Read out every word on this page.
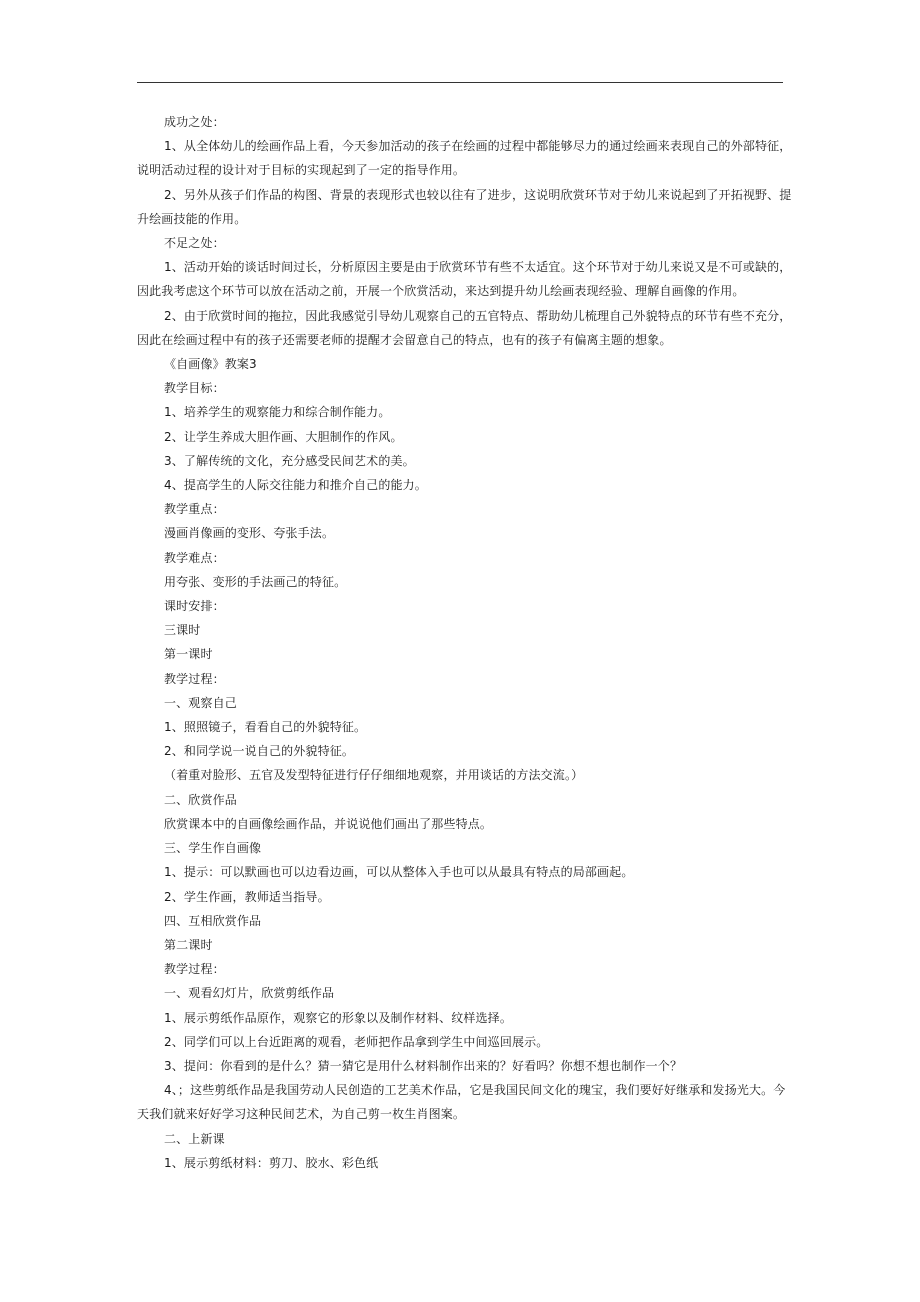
成功之处：

1、从全体幼儿的绘画作品上看，今天参加活动的孩子在绘画的过程中都能够尽力的通过绘画来表现自己的外部特征，说明活动过程的设计对于目标的实现起到了一定的指导作用。

2、另外从孩子们作品的构图、背景的表现形式也较以往有了进步，这说明欣赏环节对于幼儿来说起到了开拓视野、提升绘画技能的作用。

不足之处：

1、活动开始的谈话时间过长，分析原因主要是由于欣赏环节有些不太适宜。这个环节对于幼儿来说又是不可或缺的，因此我考虑这个环节可以放在活动之前，开展一个欣赏活动，来达到提升幼儿绘画表现经验、理解自画像的作用。

2、由于欣赏时间的拖拉，因此我感觉引导幼儿观察自己的五官特点、帮助幼儿梳理自己外貌特点的环节有些不充分，因此在绘画过程中有的孩子还需要老师的提醒才会留意自己的特点，也有的孩子有偏离主题的想象。

《自画像》教案3

教学目标：

1、培养学生的观察能力和综合制作能力。

2、让学生养成大胆作画、大胆制作的作风。

3、了解传统的文化，充分感受民间艺术的美。

4、提高学生的人际交往能力和推介自己的能力。

教学重点：

漫画肖像画的变形、夸张手法。

教学难点：

用夸张、变形的手法画己的特征。

课时安排：

三课时

第一课时

教学过程：

一、观察自己

1、照照镜子，看看自己的外貌特征。

2、和同学说一说自己的外貌特征。

（着重对脸形、五官及发型特征进行仔仔细细地观察，并用谈话的方法交流。）

二、欣赏作品

欣赏课本中的自画像绘画作品，并说说他们画出了那些特点。

三、学生作自画像

1、提示：可以默画也可以边看边画，可以从整体入手也可以从最具有特点的局部画起。

2、学生作画，教师适当指导。

四、互相欣赏作品

第二课时

教学过程：

一、观看幻灯片，欣赏剪纸作品

1、展示剪纸作品原作，观察它的形象以及制作材料、纹样选择。

2、同学们可以上台近距离的观看，老师把作品拿到学生中间巡回展示。

3、提问：你看到的是什么？猜一猜它是用什么材料制作出来的？好看吗？你想不想也制作一个？

4、；这些剪纸作品是我国劳动人民创造的工艺美术作品，它是我国民间文化的瑰宝，我们要好好继承和发扬光大。今天我们就来好好学习这种民间艺术，为自己剪一枚生肖图案。

二、上新课

1、展示剪纸材料：剪刀、胶水、彩色纸
